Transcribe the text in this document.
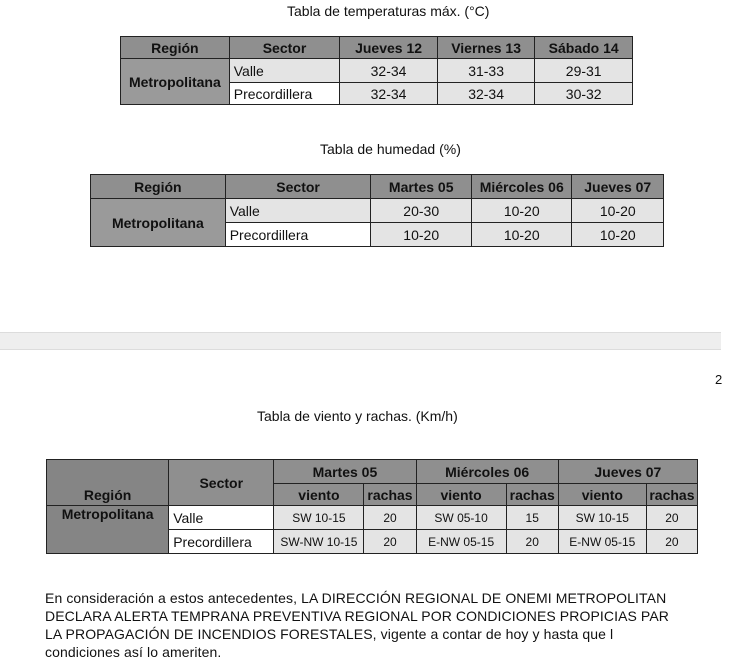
Tabla de temperaturas máx. (°C)
Región	Sector	Jueves 12	Viernes 13	Sábado 14
Metropolitana	Valle	32-34	31-33	29-31
	Precordillera	32-34	32-34	30-32
Tabla de humedad (%)
Región	Sector	Martes 05	Miércoles 06	Jueves 07
Metropolitana	Valle	20-30	10-20	10-20
	Precordillera	10-20	10-20	10-20
2
Tabla de viento y rachas. (Km/h)
Región	Sector	Martes 05		Miércoles 06		Jueves 07	
		viento	rachas	viento	rachas	viento	rachas
Metropolitana	Valle	SW 10-15	20	SW 05-10	15	SW 10-15	20
	Precordillera	SW-NW 10-15	20	E-NW 05-15	20	E-NW 05-15	20
En consideración a estos antecedentes, LA DIRECCIÓN REGIONAL DE ONEMI METROPOLITAN
DECLARA ALERTA TEMPRANA PREVENTIVA REGIONAL POR CONDICIONES PROPICIAS PAR
LA PROPAGACIÓN DE INCENDIOS FORESTALES, vigente a contar de hoy y hasta que l
condiciones así lo ameriten.
